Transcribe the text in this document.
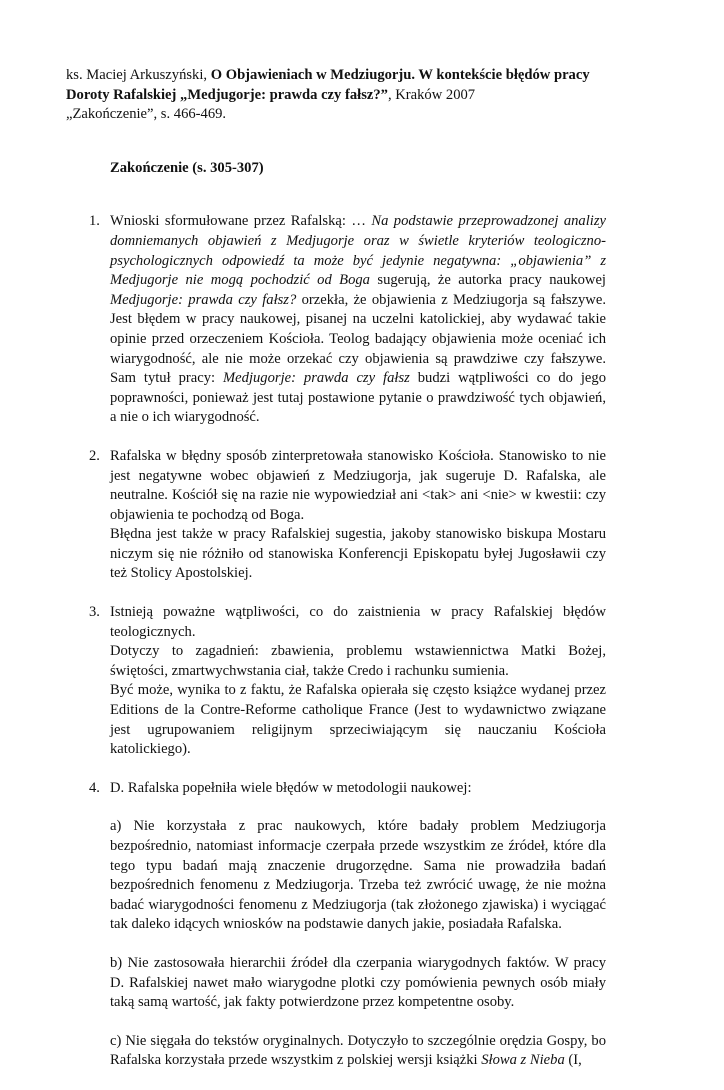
ks. Maciej Arkuszyński, O Objawieniach w Medziugorju. W kontekście błędów pracy
Doroty Rafalskiej „Medjugorje: prawda czy fałsz?”, Kraków 2007
„Zakończenie”, s. 466-469.

Zakończenie (s. 305-307)
1. Wnioski sformułowane przez Rafalską: … Na podstawie przeprowadzonej analizy domniemanych objawień z Medjugorje oraz w świetle kryteriów teologiczno-psychologicznych odpowiedź ta może być jedynie negatywna: „objawienia” z Medjugorje nie mogą pochodzić od Boga sugerują, że autorka pracy naukowej Medjugorje: prawda czy fałsz? orzekła, że objawienia z Medziugorja są fałszywe. Jest błędem w pracy naukowej, pisanej na uczelni katolickiej, aby wydawać takie opinie przed orzeczeniem Kościoła. Teolog badający objawienia może oceniać ich wiarygodność, ale nie może orzekać czy objawienia są prawdziwe czy fałszywe. Sam tytuł pracy: Medjugorje: prawda czy fałsz budzi wątpliwości co do jego poprawności, ponieważ jest tutaj postawione pytanie o prawdziwość tych objawień, a nie o ich wiarygodność.

2. Rafalska w błędny sposób zinterpretowała stanowisko Kościoła. Stanowisko to nie jest negatywne wobec objawień z Medziugorja, jak sugeruje D. Rafalska, ale neutralne. Kościół się na razie nie wypowiedział ani <tak> ani <nie> w kwestii: czy objawienia te pochodzą od Boga.

Błędna jest także w pracy Rafalskiej sugestia, jakoby stanowisko biskupa Mostaru niczym się nie różniło od stanowiska Konferencji Episkopatu byłej Jugosławii czy też Stolicy Apostolskiej.

3. Istnieją poważne wątpliwości, co do zaistnienia w pracy Rafalskiej błędów teologicznych.

Dotyczy to zagadnień: zbawienia, problemu wstawiennictwa Matki Bożej, świętości, zmartwychwstania ciał, także Credo i rachunku sumienia.

Być może, wynika to z faktu, że Rafalska opierała się często książce wydanej przez Editions de la Contre-Reforme catholique France (Jest to wydawnictwo związane jest ugrupowaniem religijnym sprzeciwiającym się nauczaniu Kościoła katolickiego).

4. D. Rafalska popełniła wiele błędów w metodologii naukowej:

a) Nie korzystała z prac naukowych, które badały problem Medziugorja bezpośrednio, natomiast informacje czerpała przede wszystkim ze źródeł, które dla tego typu badań mają znaczenie drugorzędne. Sama nie prowadziła badań bezpośrednich fenomenu z Medziugorja. Trzeba też zwrócić uwagę, że nie można badać wiarygodności fenomenu z Medziugorja (tak złożonego zjawiska) i wyciągać tak daleko idących wniosków na podstawie danych jakie, posiadała Rafalska.

b) Nie zastosowała hierarchii źródeł dla czerpania wiarygodnych faktów. W pracy D. Rafalskiej nawet mało wiarygodne plotki czy pomówienia pewnych osób miały taką samą wartość, jak fakty potwierdzone przez kompetentne osoby.

c) Nie sięgała do tekstów oryginalnych. Dotyczyło to szczególnie orędzia Gospy, bo Rafalska korzystała przede wszystkim z polskiej wersji książki Słowa z Nieba (I,
